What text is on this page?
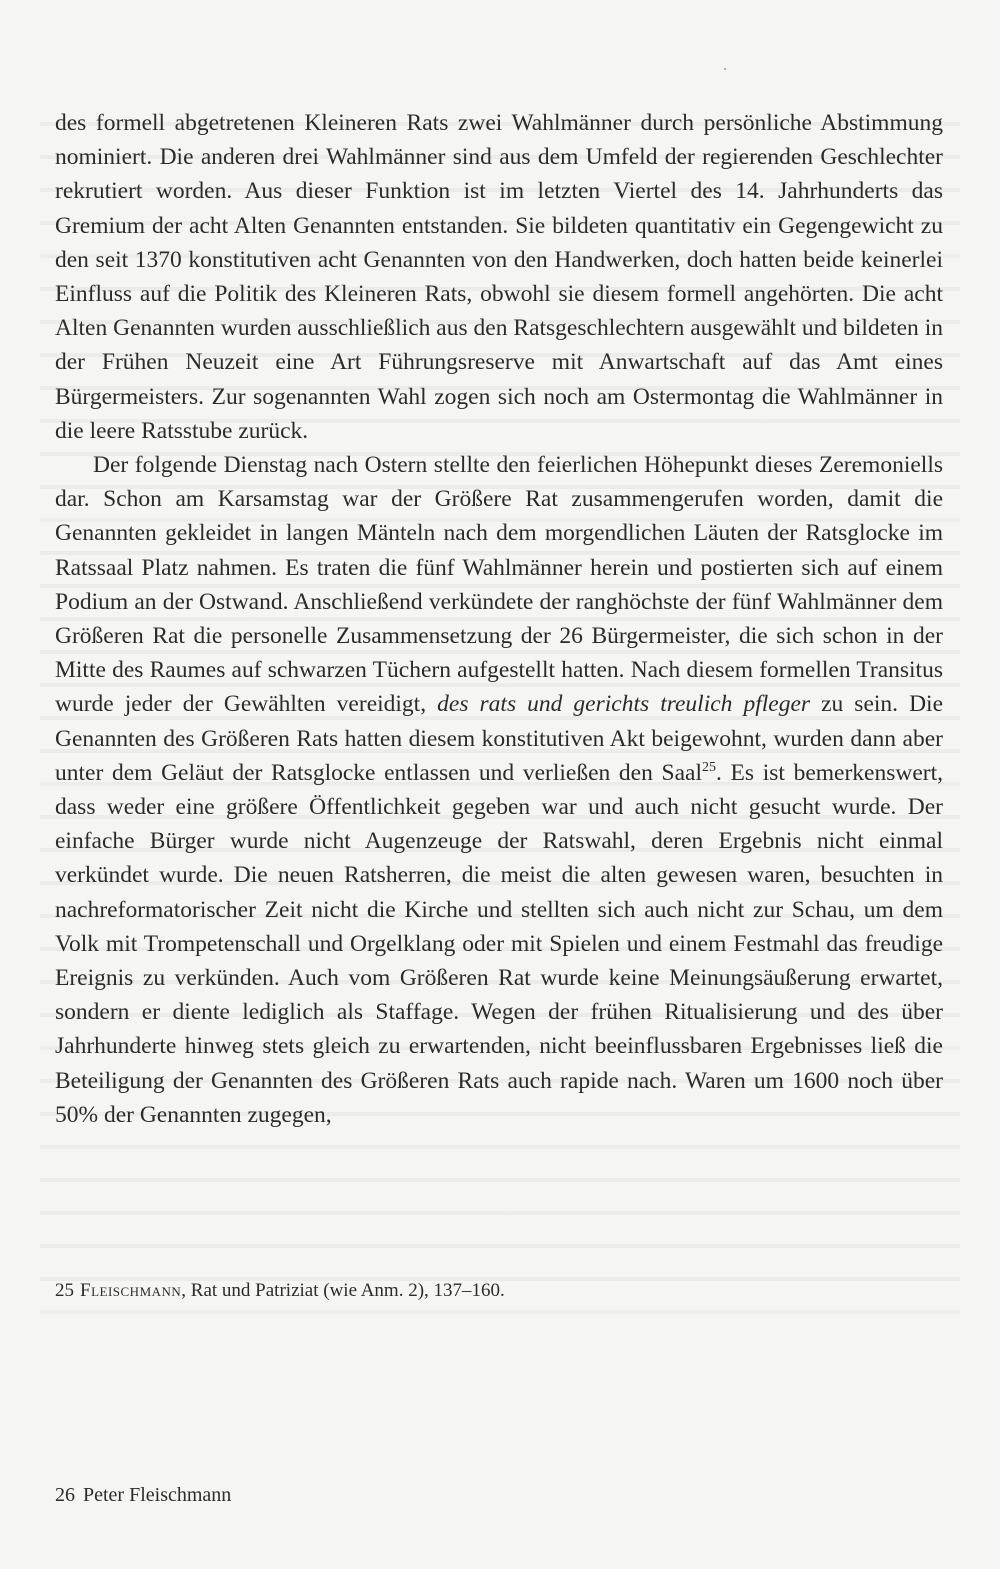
des formell abgetretenen Kleineren Rats zwei Wahlmänner durch persönliche Abstimmung nominiert. Die anderen drei Wahlmänner sind aus dem Umfeld der regierenden Geschlechter rekrutiert worden. Aus dieser Funktion ist im letzten Viertel des 14. Jahrhunderts das Gremium der acht Alten Genannten entstanden. Sie bildeten quantitativ ein Gegengewicht zu den seit 1370 konstitutiven acht Genannten von den Handwerken, doch hatten beide keinerlei Einfluss auf die Politik des Kleineren Rats, obwohl sie diesem formell angehörten. Die acht Alten Genannten wurden ausschließlich aus den Ratsgeschlechtern ausgewählt und bildeten in der Frühen Neuzeit eine Art Führungsreserve mit Anwartschaft auf das Amt eines Bürgermeisters. Zur sogenannten Wahl zogen sich noch am Ostermontag die Wahlmänner in die leere Ratsstube zurück.

Der folgende Dienstag nach Ostern stellte den feierlichen Höhepunkt dieses Zeremoniells dar. Schon am Karsamstag war der Größere Rat zusammengerufen worden, damit die Genannten gekleidet in langen Mänteln nach dem morgendlichen Läuten der Ratsglocke im Ratssaal Platz nahmen. Es traten die fünf Wahlmänner herein und postierten sich auf einem Podium an der Ostwand. Anschließend verkündete der ranghöchste der fünf Wahlmänner dem Größeren Rat die personelle Zusammensetzung der 26 Bürgermeister, die sich schon in der Mitte des Raumes auf schwarzen Tüchern aufgestellt hatten. Nach diesem formellen Transitus wurde jeder der Gewählten vereidigt, des rats und gerichts treulich pfleger zu sein. Die Genannten des Größeren Rats hatten diesem konstitutiven Akt beigewohnt, wurden dann aber unter dem Geläut der Ratsglocke entlassen und verließen den Saal$^{25}$. Es ist bemerkenswert, dass weder eine größere Öffentlichkeit gegeben war und auch nicht gesucht wurde. Der einfache Bürger wurde nicht Augenzeuge der Ratswahl, deren Ergebnis nicht einmal verkündet wurde. Die neuen Ratsherren, die meist die alten gewesen waren, besuchten in nachreformatorischer Zeit nicht die Kirche und stellten sich auch nicht zur Schau, um dem Volk mit Trompetenschall und Orgelklang oder mit Spielen und einem Festmahl das freudige Ereignis zu verkünden. Auch vom Größeren Rat wurde keine Meinungsäußerung erwartet, sondern er diente lediglich als Staffage. Wegen der frühen Ritualisierung und des über Jahrhunderte hinweg stets gleich zu erwartenden, nicht beeinflussbaren Ergebnisses ließ die Beteiligung der Genannten des Größeren Rats auch rapide nach. Waren um 1600 noch über 50% der Genannten zugegen,

25 Fleischmann, Rat und Patriziat (wie Anm. 2), 137–160.
26 Peter Fleischmann
